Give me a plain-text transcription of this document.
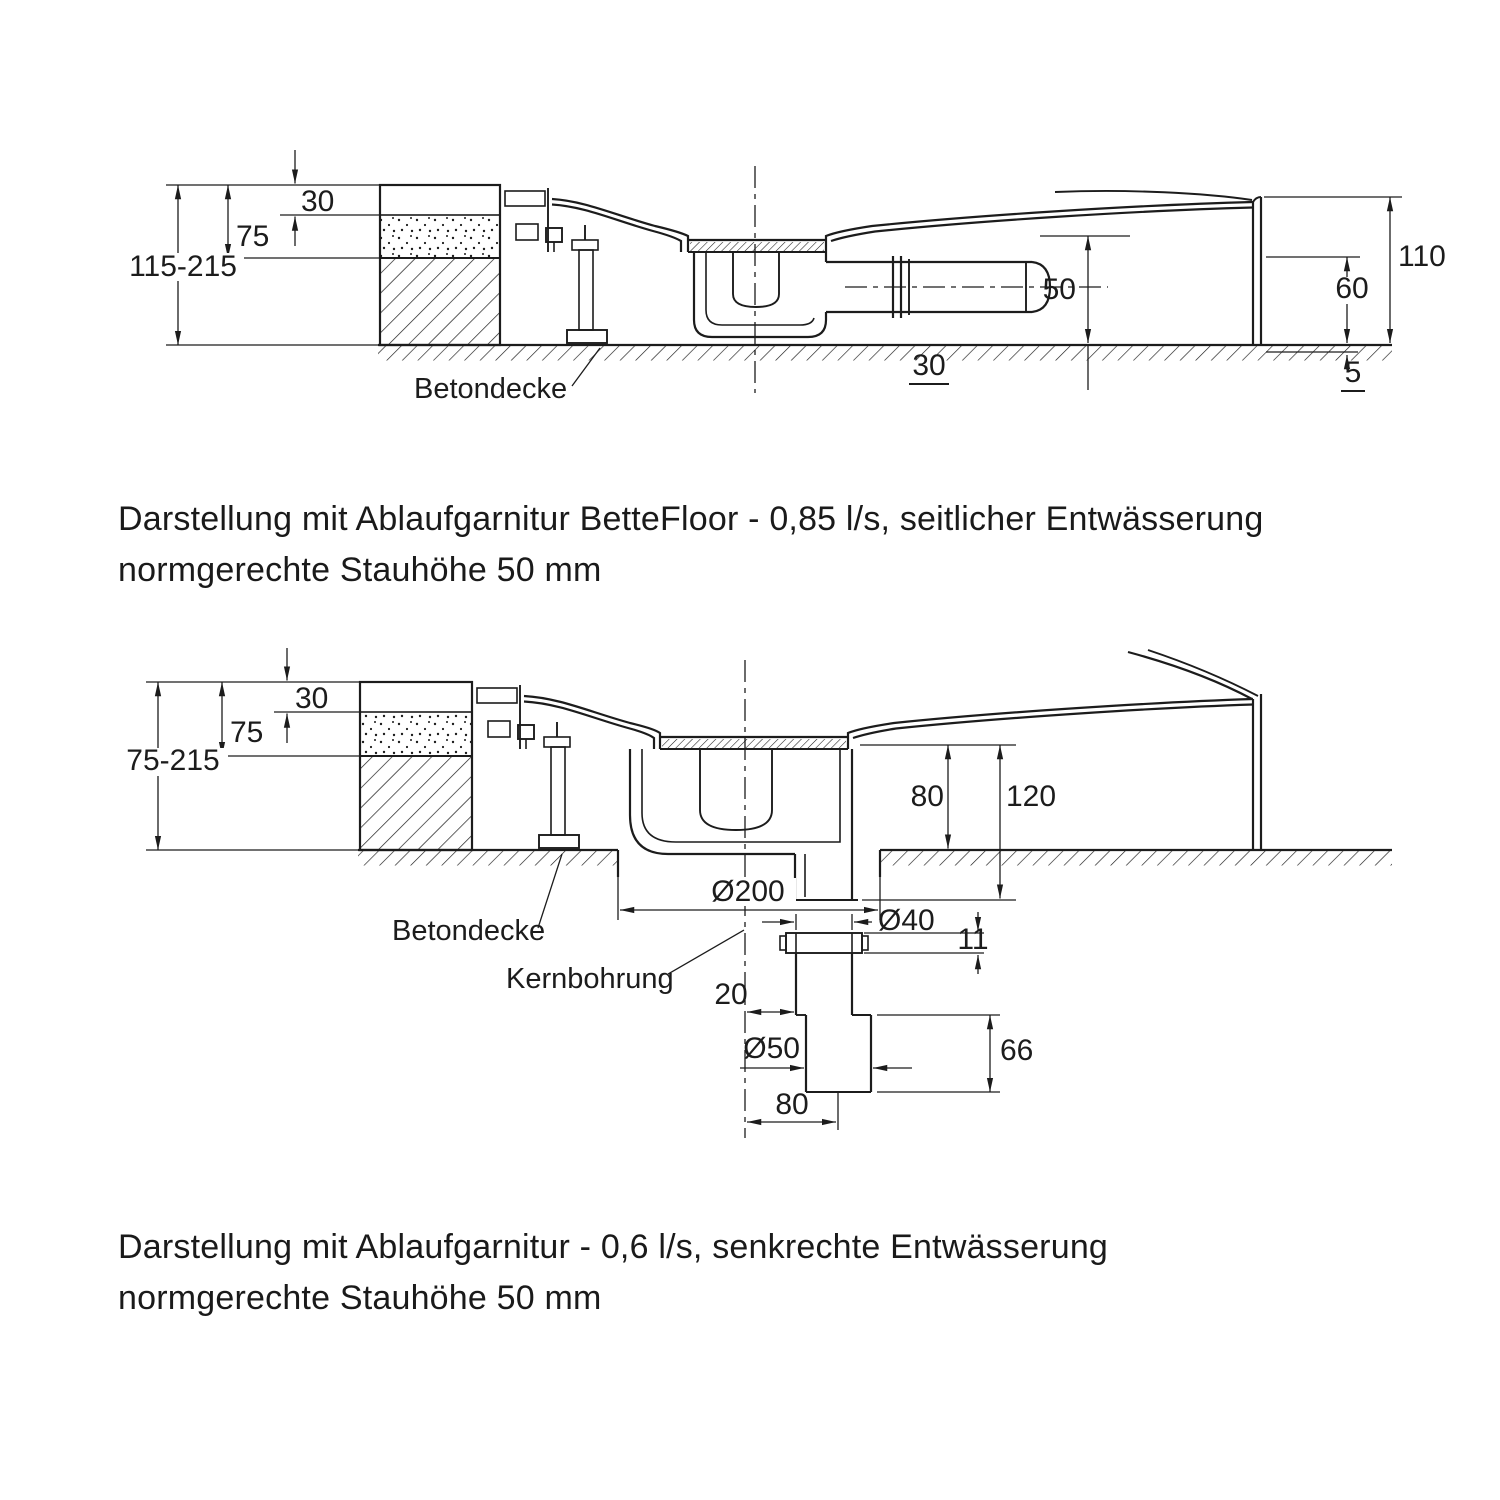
30
75
115-215
50
30
110
60
5
Betondecke
Darstellung mit Ablaufgarnitur BetteFloor - 0,85 l/s, seitlicher Entwässerung
normgerechte Stauhöhe 50 mm
30
75
75-215
80 120
Ø200
Ø40
11
20
Ø50	66
80
Betondecke
Kernbohrung
Darstellung mit Ablaufgarnitur - 0,6 l/s, senkrechte Entwässerung
normgerechte Stauhöhe 50 mm
